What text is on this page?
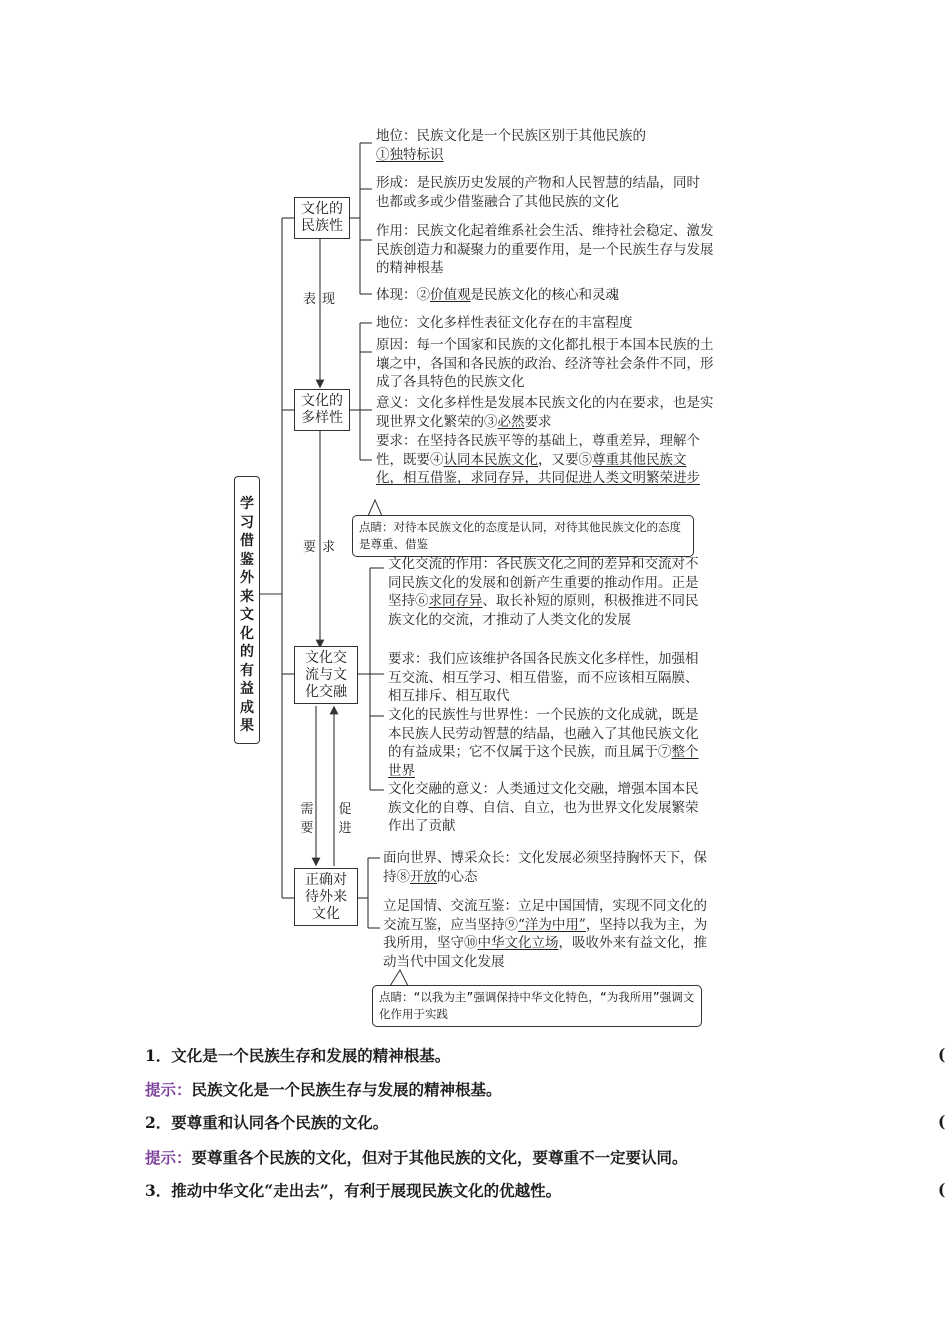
学习借鉴外来文化的有益成果
文化的民族性
文化的多样性
文化交流与文化交融
正确对待外来文化
表现
要求
需要
促进
地位：民族文化是一个民族区别于其他民族的
①独特标识
形成：是民族历史发展的产物和人民智慧的结晶，同时也都或多或少借鉴融合了其他民族的文化
作用：民族文化起着维系社会生活、维持社会稳定、激发民族创造力和凝聚力的重要作用，是一个民族生存与发展的精神根基
体现：②价值观是民族文化的核心和灵魂
地位：文化多样性表征文化存在的丰富程度
原因：每一个国家和民族的文化都扎根于本国本民族的土壤之中，各国和各民族的政治、经济等社会条件不同，形成了各具特色的民族文化
意义：文化多样性是发展本民族文化的内在要求，也是实现世界文化繁荣的③必然要求
要求：在坚持各民族平等的基础上，尊重差异，理解个性，既要④认同本民族文化，又要⑤尊重其他民族文化，相互借鉴，求同存异，共同促进人类文明繁荣进步
点睛：对待本民族文化的态度是认同，对待其他民族文化的态度是尊重、借鉴
文化交流的作用：各民族文化之间的差异和交流对不同民族文化的发展和创新产生重要的推动作用。正是坚持⑥求同存异、取长补短的原则，积极推进不同民族文化的交流，才推动了人类文化的发展
要求：我们应该维护各国各民族文化多样性，加强相互交流、相互学习、相互借鉴，而不应该相互隔膜、相互排斥、相互取代
文化的民族性与世界性：一个民族的文化成就，既是本民族人民劳动智慧的结晶，也融入了其他民族文化的有益成果；它不仅属于这个民族，而且属于⑦整个世界
文化交融的意义：人类通过文化交融，增强本国本民族文化的自尊、自信、自立，也为世界文化发展繁荣作出了贡献
面向世界、博采众长：文化发展必须坚持胸怀天下，保持⑧开放的心态
立足国情、交流互鉴：立足中国国情，实现不同文化的交流互鉴，应当坚持⑨“洋为中用”，坚持以我为主，为我所用，坚守⑩中华文化立场，吸收外来有益文化，推动当代中国文化发展
点睛：“以我为主”强调保持中华文化特色，“为我所用”强调文化作用于实践
1．文化是一个民族生存和发展的精神根基。	(
提示：民族文化是一个民族生存与发展的精神根基。
2．要尊重和认同各个民族的文化。	(
提示：要尊重各个民族的文化，但对于其他民族的文化，要尊重不一定要认同。
3．推动中华文化“走出去”，有利于展现民族文化的优越性。	(
